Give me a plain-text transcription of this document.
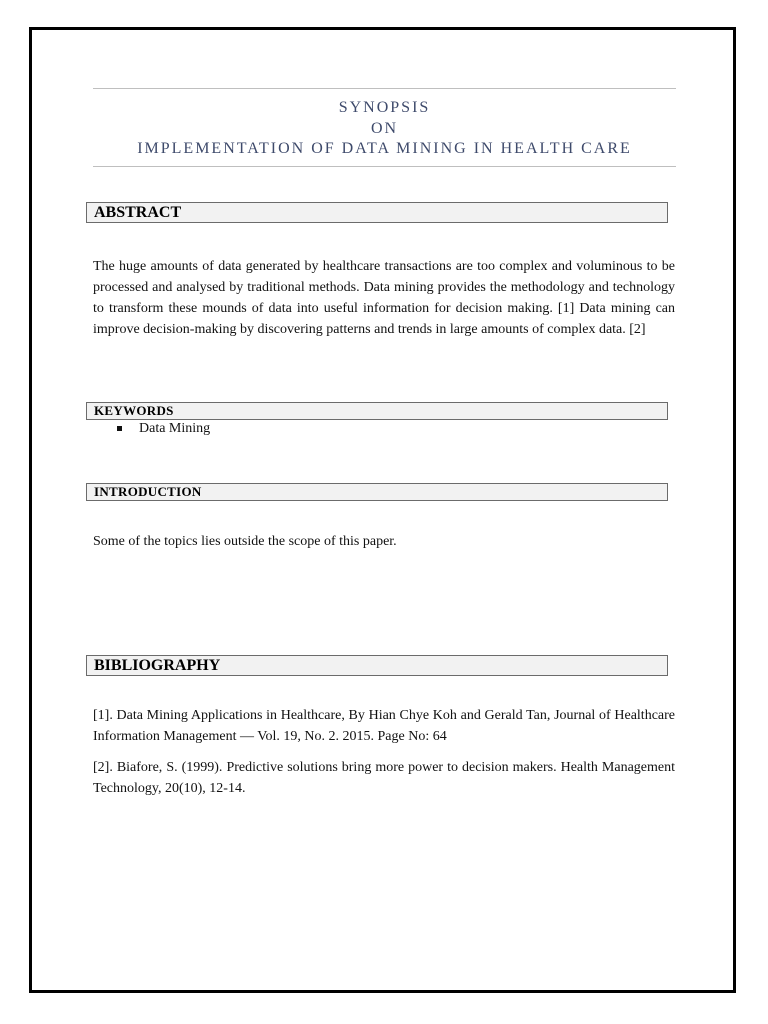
SYNOPSIS
ON
IMPLEMENTATION OF DATA MINING IN HEALTH CARE
ABSTRACT
The huge amounts of data generated by healthcare transactions are too complex and voluminous to be processed and analysed by traditional methods. Data mining provides the methodology and technology to transform these mounds of data into useful information for decision making. [1] Data mining can improve decision-making by discovering patterns and trends in large amounts of complex data. [2]
KEYWORDS
Data Mining
INTRODUCTION
Some of the topics lies outside the scope of this paper.
BIBLIOGRAPHY
[1]. Data Mining Applications in Healthcare, By Hian Chye Koh and Gerald Tan, Journal of Healthcare Information Management — Vol. 19, No. 2. 2015. Page No: 64
[2]. Biafore, S. (1999). Predictive solutions bring more power to decision makers. Health Management Technology, 20(10), 12-14.
